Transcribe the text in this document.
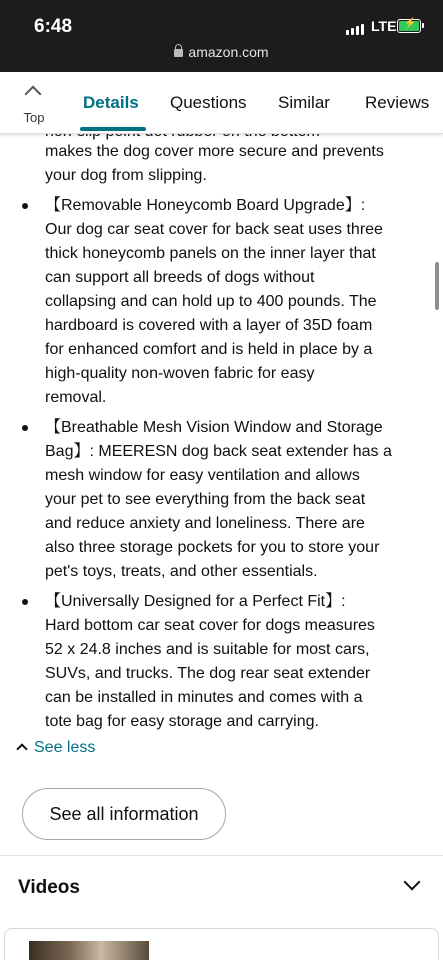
6:48	LTE
⚡
amazon.com
Top
Details Questions Similar Reviews
makes the dog cover more secure and prevents
your dog from slipping.
【Removable Honeycomb Board Upgrade】:
Our dog car seat cover for back seat uses three
thick honeycomb panels on the inner layer that
can support all breeds of dogs without
collapsing and can hold up to 400 pounds. The
hardboard is covered with a layer of 35D foam
for enhanced comfort and is held in place by a
high-quality non-woven fabric for easy
removal.
【Breathable Mesh Vision Window and Storage
Bag】: MEERESN dog back seat extender has a
mesh window for easy ventilation and allows
your pet to see everything from the back seat
and reduce anxiety and loneliness. There are
also three storage pockets for you to store your
pet's toys, treats, and other essentials.
【Universally Designed for a Perfect Fit】:
Hard bottom car seat cover for dogs measures
52 x 24.8 inches and is suitable for most cars,
SUVs, and trucks. The dog rear seat extender
can be installed in minutes and comes with a
tote bag for easy storage and carrying.
See less
See all information
Videos
